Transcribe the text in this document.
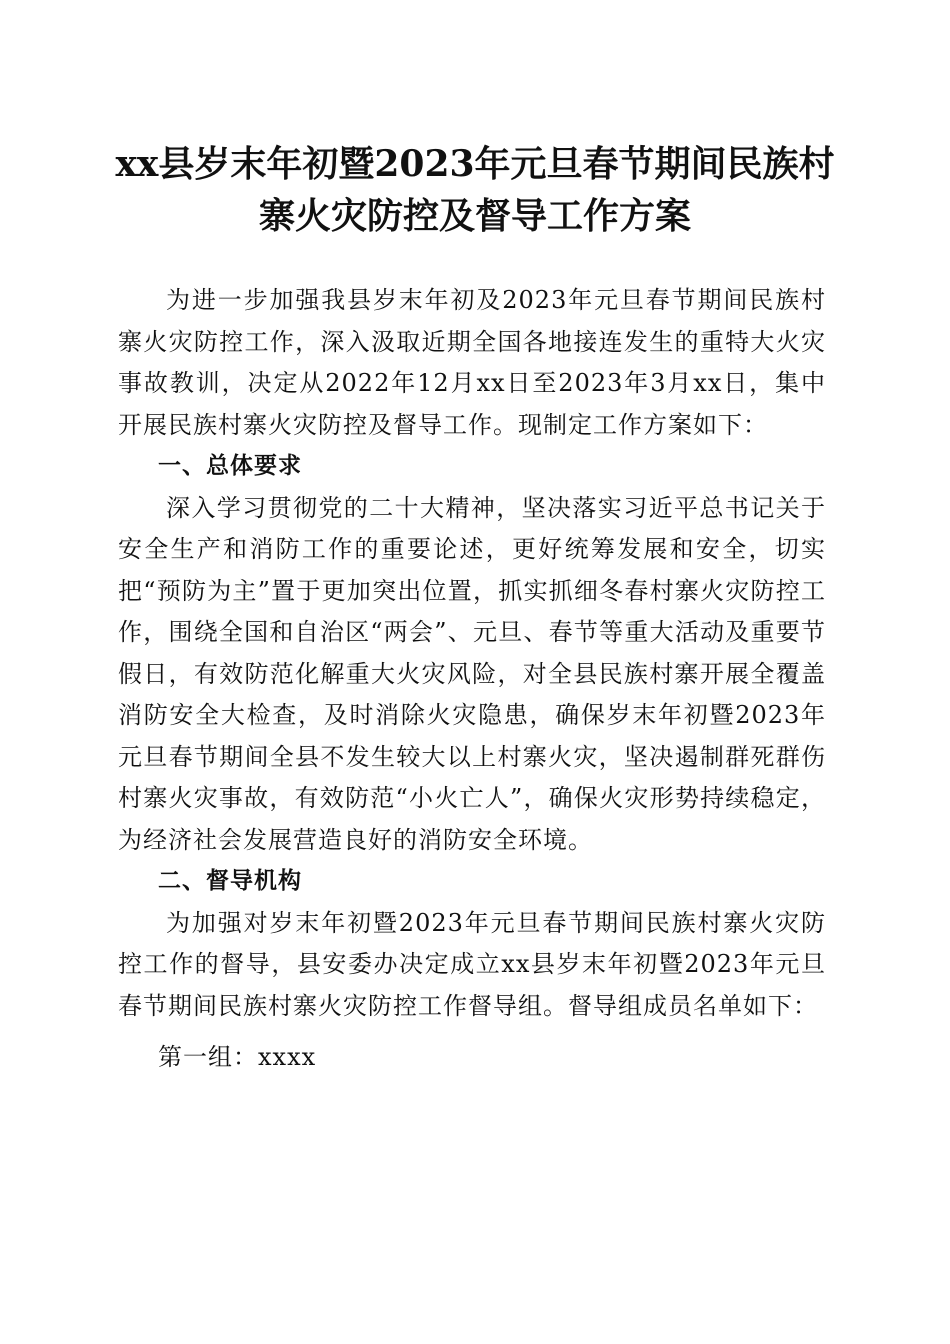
xx县岁末年初暨2023年元旦春节期间民族村
寨火灾防控及督导工作方案

为进一步加强我县岁末年初及2023年元旦春节期间民族村寨火灾防控工作，深入汲取近期全国各地接连发生的重特大火灾事故教训，决定从2022年12月xx日至2023年3月xx日，集中开展民族村寨火灾防控及督导工作。现制定工作方案如下：

一、总体要求

深入学习贯彻党的二十大精神，坚决落实习近平总书记关于安全生产和消防工作的重要论述，更好统筹发展和安全，切实把“预防为主”置于更加突出位置，抓实抓细冬春村寨火灾防控工作，围绕全国和自治区“两会”、元旦、春节等重大活动及重要节假日，有效防范化解重大火灾风险，对全县民族村寨开展全覆盖消防安全大检查，及时消除火灾隐患，确保岁末年初暨2023年元旦春节期间全县不发生较大以上村寨火灾，坚决遏制群死群伤村寨火灾事故，有效防范“小火亡人”，确保火灾形势持续稳定，为经济社会发展营造良好的消防安全环境。

二、督导机构

为加强对岁末年初暨2023年元旦春节期间民族村寨火灾防控工作的督导，县安委办决定成立xx县岁末年初暨2023年元旦春节期间民族村寨火灾防控工作督导组。督导组成员名单如下：

第一组：xxxx
